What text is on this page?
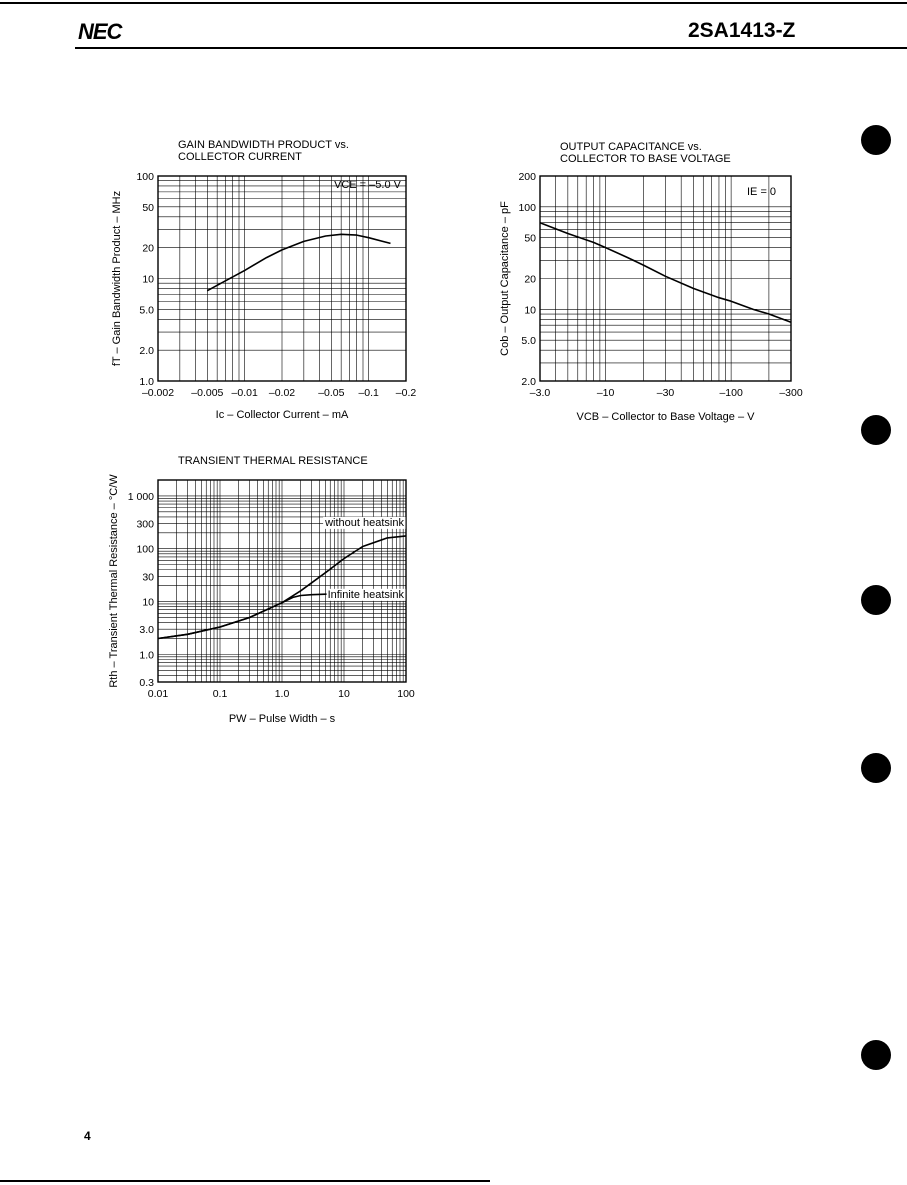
NEC	2SA1413-Z
GAIN BANDWIDTH PRODUCT vs.
COLLECTOR CURRENT
–0.002 –0.005 –0.01 –0.02 –0.05 –0.1 –0.2
1.0
2.0
5.0
10
20
50
100
Ic – Collector Current – mA
fT – Gain Bandwidth Product – MHz
VCE = –5.0 V
OUTPUT CAPACITANCE vs.
COLLECTOR TO BASE VOLTAGE
–3.0	–10	–30	–100	–300
2.0
5.0
10
20
50
100
200
VCB – Collector to Base Voltage – V
Cob – Output Capacitance – pF
IE = 0
TRANSIENT THERMAL RESISTANCE
0.01	0.1	1.0	10	100
0.3
1.0
3.0
10
30
100
300
1 000
PW – Pulse Width – s
Rth – Transient Thermal Resistance – °C/W	without heatsink
Infinite heatsink
4
